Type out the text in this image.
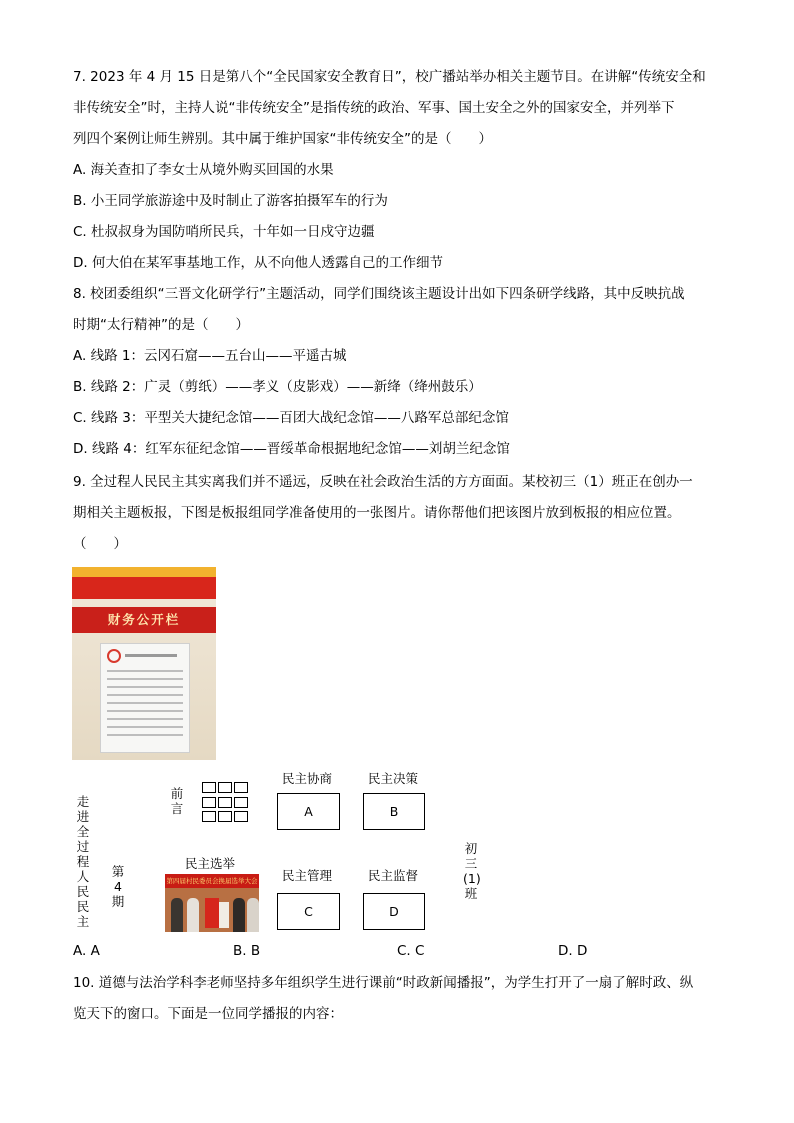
7. 2023 年 4 月 15 日是第八个“全民国家安全教育日”，校广播站举办相关主题节目。在讲解“传统安全和
非传统安全”时，主持人说“非传统安全”是指传统的政治、军事、国土安全之外的国家安全，并列举下
列四个案例让师生辨别。其中属于维护国家“非传统安全”的是（　　）
A. 海关查扣了李女士从境外购买回国的水果
B. 小王同学旅游途中及时制止了游客拍摄军车的行为
C. 杜叔叔身为国防哨所民兵，十年如一日戍守边疆
D. 何大伯在某军事基地工作，从不向他人透露自己的工作细节
8. 校团委组织“三晋文化研学行”主题活动，同学们围绕该主题设计出如下四条研学线路，其中反映抗战
时期“太行精神”的是（　　）
A. 线路 1：云冈石窟——五台山——平遥古城
B. 线路 2：广灵（剪纸）——孝义（皮影戏）——新绛（绛州鼓乐）
C. 线路 3：平型关大捷纪念馆——百团大战纪念馆——八路军总部纪念馆
D. 线路 4：红军东征纪念馆——晋绥革命根据地纪念馆——刘胡兰纪念馆
9. 全过程人民民主其实离我们并不遥远，反映在社会政治生活的方方面面。某校初三（1）班正在创办一
期相关主题板报，下图是板报组同学准备使用的一张图片。请你帮他们把该图片放到板报的相应位置。
（　　）
财务公开栏
走进全过程人民民主
第4期
前言
民主协商
A
民主决策
B
初三(1)班
民主选举
第四届村民委员会换届选举大会 民主管理
C
民主监督
D
A. A	B. B	C. C	D. D
10. 道德与法治学科李老师坚持多年组织学生进行课前“时政新闻播报”，为学生打开了一扇了解时政、纵
览天下的窗口。下面是一位同学播报的内容：
